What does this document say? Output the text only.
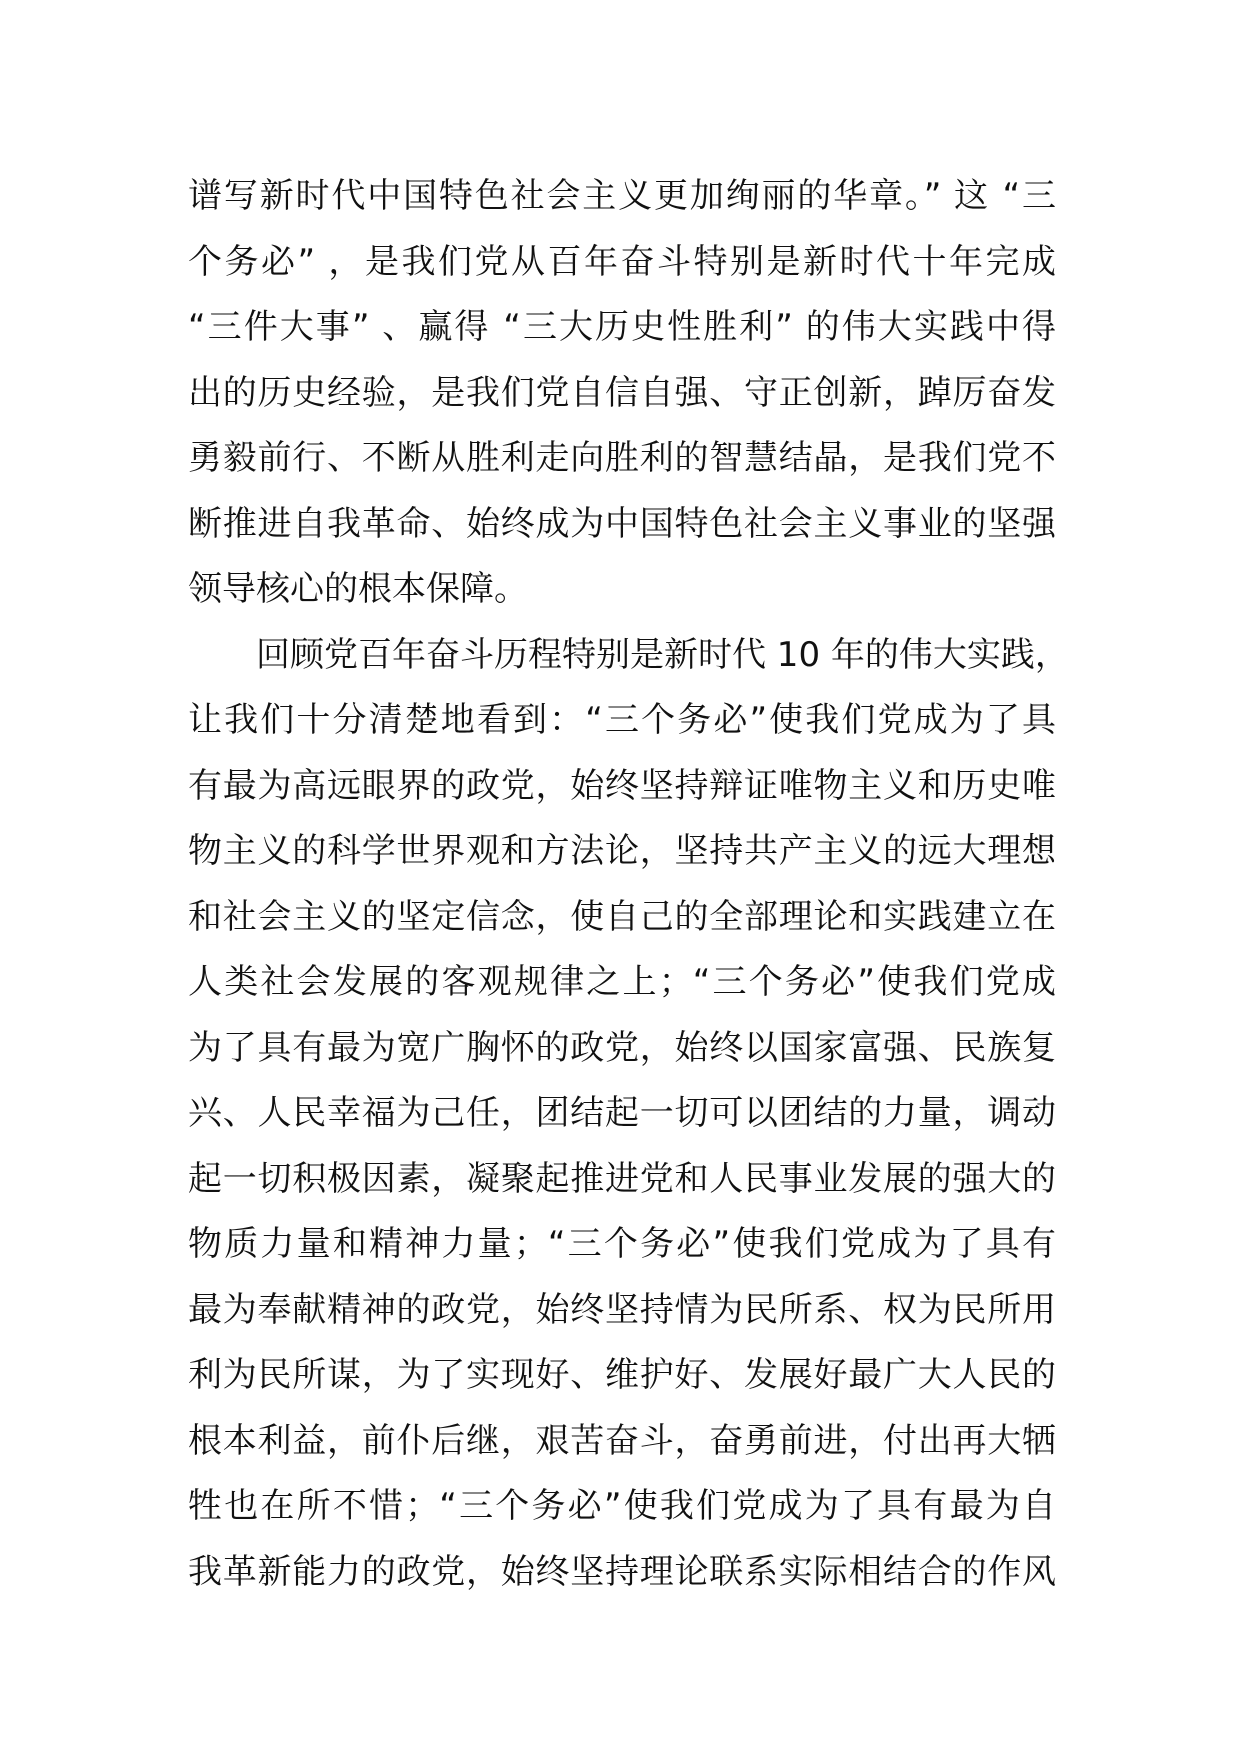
谱写新时代中国特色社会主义更加绚丽的华章。” 这 “三
个务必” ，是我们党从百年奋斗特别是新时代十年完成
“三件大事” 、赢得 “三大历史性胜利” 的伟大实践中得
出的历史经验，是我们党自信自强、守正创新，踔厉奋发
勇毅前行、不断从胜利走向胜利的智慧结晶，是我们党不
断推进自我革命、始终成为中国特色社会主义事业的坚强
领导核心的根本保障。
　　回顾党百年奋斗历程特别是新时代 10 年的伟大实践，
让我们十分清楚地看到：“三个务必”使我们党成为了具
有最为高远眼界的政党，始终坚持辩证唯物主义和历史唯
物主义的科学世界观和方法论，坚持共产主义的远大理想
和社会主义的坚定信念，使自己的全部理论和实践建立在
人类社会发展的客观规律之上；“三个务必”使我们党成
为了具有最为宽广胸怀的政党，始终以国家富强、民族复
兴、人民幸福为己任，团结起一切可以团结的力量，调动
起一切积极因素，凝聚起推进党和人民事业发展的强大的
物质力量和精神力量；“三个务必”使我们党成为了具有
最为奉献精神的政党，始终坚持情为民所系、权为民所用
利为民所谋，为了实现好、维护好、发展好最广大人民的
根本利益，前仆后继，艰苦奋斗，奋勇前进，付出再大牺
牲也在所不惜；“三个务必”使我们党成为了具有最为自
我革新能力的政党，始终坚持理论联系实际相结合的作风
